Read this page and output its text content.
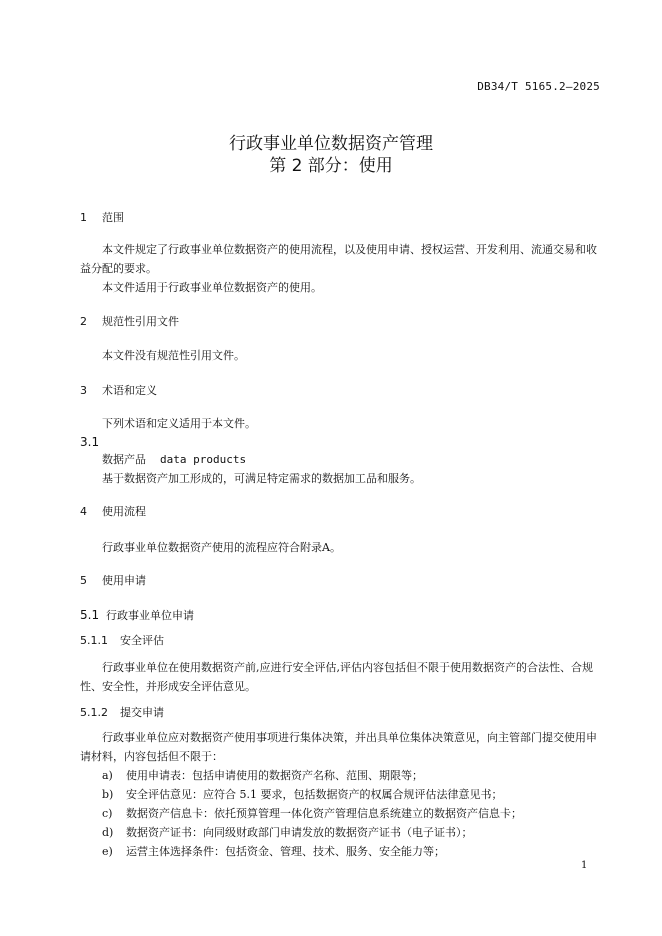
DB34/T 5165.2—2025
行政事业单位数据资产管理
第 2 部分：使用
1 范围
本文件规定了行政事业单位数据资产的使用流程，以及使用申请、授权运营、开发利用、流通交易和收益分配的要求。
本文件适用于行政事业单位数据资产的使用。
2 规范性引用文件
本文件没有规范性引用文件。
3 术语和定义
下列术语和定义适用于本文件。
3.1
数据产品 data products
基于数据资产加工形成的，可满足特定需求的数据加工品和服务。
4 使用流程
行政事业单位数据资产使用的流程应符合附录A。
5 使用申请
5.1 行政事业单位申请
5.1.1 安全评估
行政事业单位在使用数据资产前,应进行安全评估,评估内容包括但不限于使用数据资产的合法性、合规性、安全性，并形成安全评估意见。
5.1.2 提交申请
行政事业单位应对数据资产使用事项进行集体决策，并出具单位集体决策意见，向主管部门提交使用申请材料，内容包括但不限于：
a) 使用申请表：包括申请使用的数据资产名称、范围、期限等；
b) 安全评估意见：应符合 5.1 要求，包括数据资产的权属合规评估法律意见书；
c) 数据资产信息卡：依托预算管理一体化资产管理信息系统建立的数据资产信息卡；
d) 数据资产证书：向同级财政部门申请发放的数据资产证书（电子证书）；
e) 运营主体选择条件：包括资金、管理、技术、服务、安全能力等；
1
